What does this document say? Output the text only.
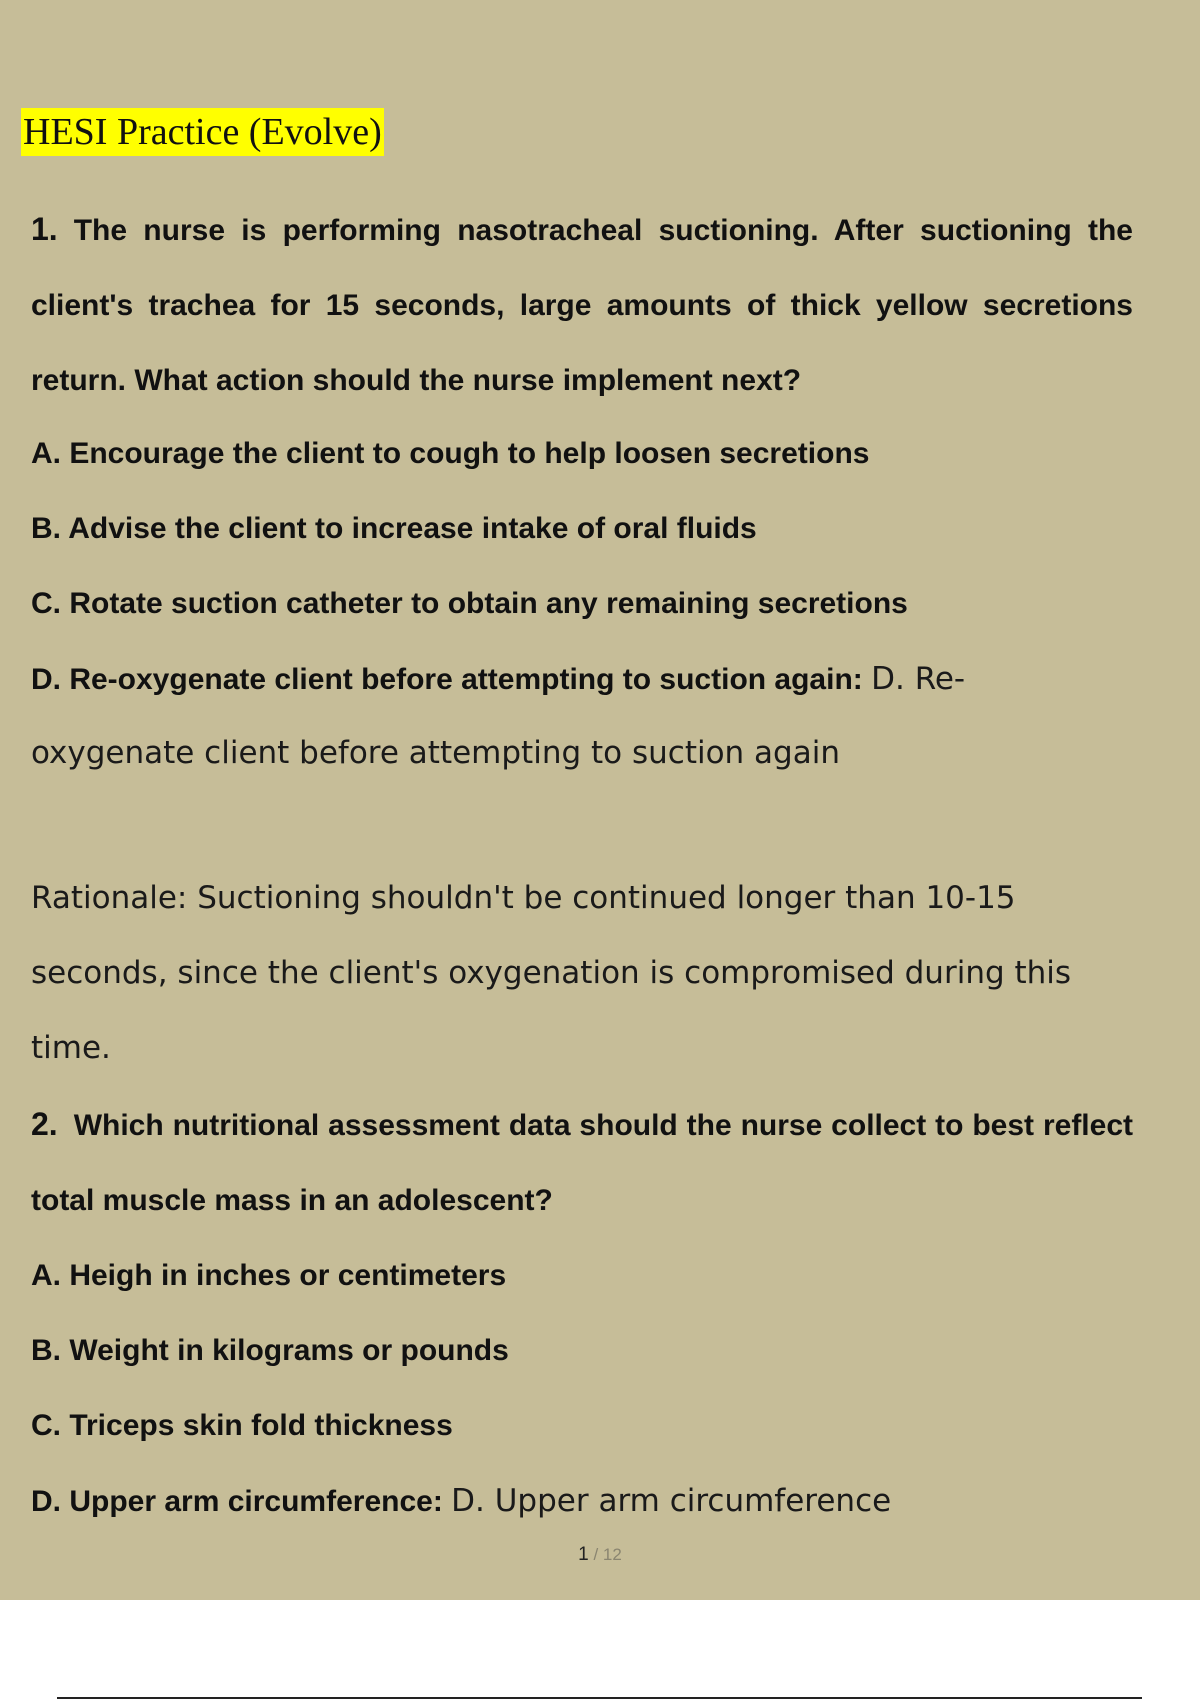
HESI Practice (Evolve)
1. The nurse is performing nasotracheal suctioning. After suctioning the client's trachea for 15 seconds, large amounts of thick yellow secretions return. What action should the nurse implement next?
A. Encourage the client to cough to help loosen secretions
B. Advise the client to increase intake of oral fluids
C. Rotate suction catheter to obtain any remaining secretions
D. Re-oxygenate client before attempting to suction again: D. Re-
oxygenate client before attempting to suction again
Rationale: Suctioning shouldn't be continued longer than 10-15 seconds, since the client's oxygenation is compromised during this time.
2. Which nutritional assessment data should the nurse collect to best reflect total muscle mass in an adolescent?
A. Heigh in inches or centimeters
B. Weight in kilograms or pounds
C. Triceps skin fold thickness
D. Upper arm circumference: D. Upper arm circumference
1 / 12
